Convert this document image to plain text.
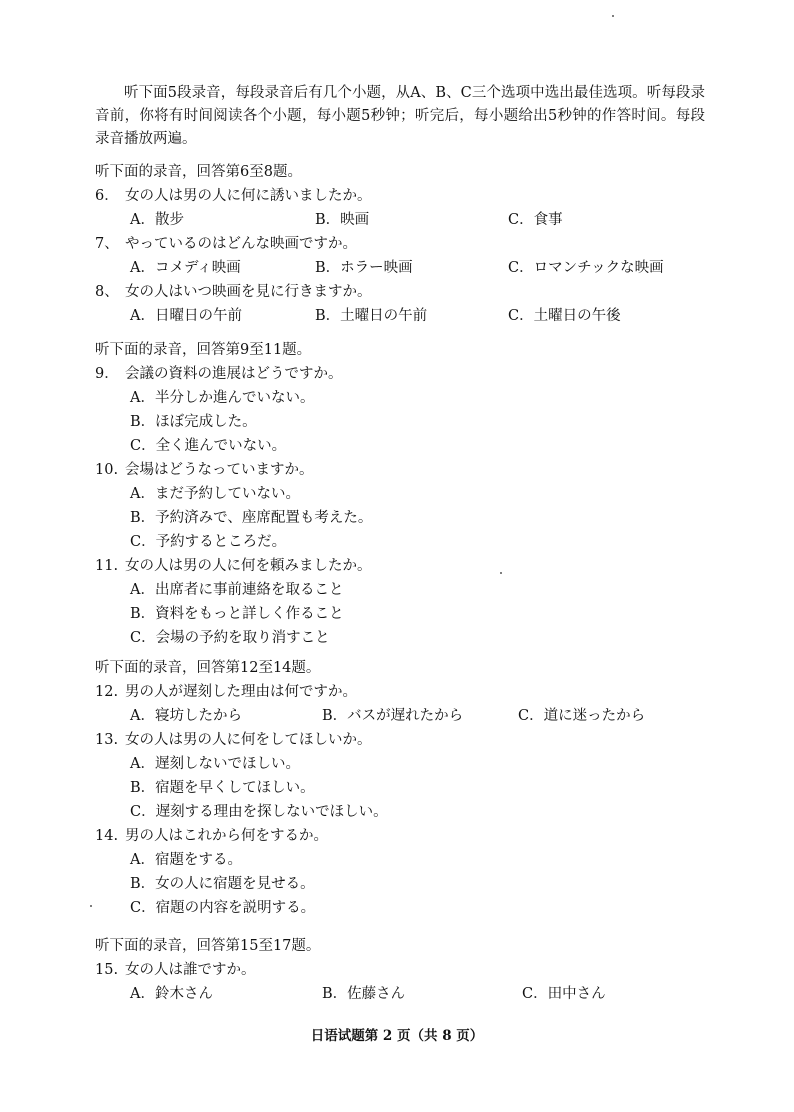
听下面5段录音，每段录音后有几个小题，从A、B、C三个选项中选出最佳选项。听每段录音前，你将有时间阅读各个小题，每小题5秒钟；听完后，每小题给出5秒钟的作答时间。每段录音播放两遍。

听下面的录音，回答第6至8题。
6． 女の人は男の人に何に誘いましたか。
A．散步	B．映画	C．食事
7、 やっているのはどんな映画ですか。
A．コメディ映画	B．ホラー映画	C．ロマンチックな映画
8、 女の人はいつ映画を見に行きますか。
A．日曜日の午前	B．土曜日の午前	C．土曜日の午後
听下面的录音，回答第9至11题。
9． 会議の資料の進展はどうですか。
A．半分しか進んでいない。
B．ほぼ完成した。
C．全く進んでいない。
10. 会場はどうなっていますか。
A．まだ予約していない。
B．予約済みで、座席配置も考えた。
C．予約するところだ。
11. 女の人は男の人に何を頼みましたか。
A．出席者に事前連絡を取ること
B．資料をもっと詳しく作ること
C．会場の予約を取り消すこと
听下面的录音，回答第12至14题。
12. 男の人が遅刻した理由は何ですか。
A．寝坊したから	B．バスが遅れたから	C．道に迷ったから
13. 女の人は男の人に何をしてほしいか。
A．遅刻しないでほしい。
B．宿題を早くしてほしい。
C．遅刻する理由を探しないでほしい。
14. 男の人はこれから何をするか。
A．宿題をする。
B．女の人に宿題を見せる。
C．宿題の内容を説明する。
听下面的录音，回答第15至17题。
15. 女の人は誰ですか。
A．鈴木さん	B．佐藤さん	C．田中さん
日语试题第 2 页（共 8 页）
